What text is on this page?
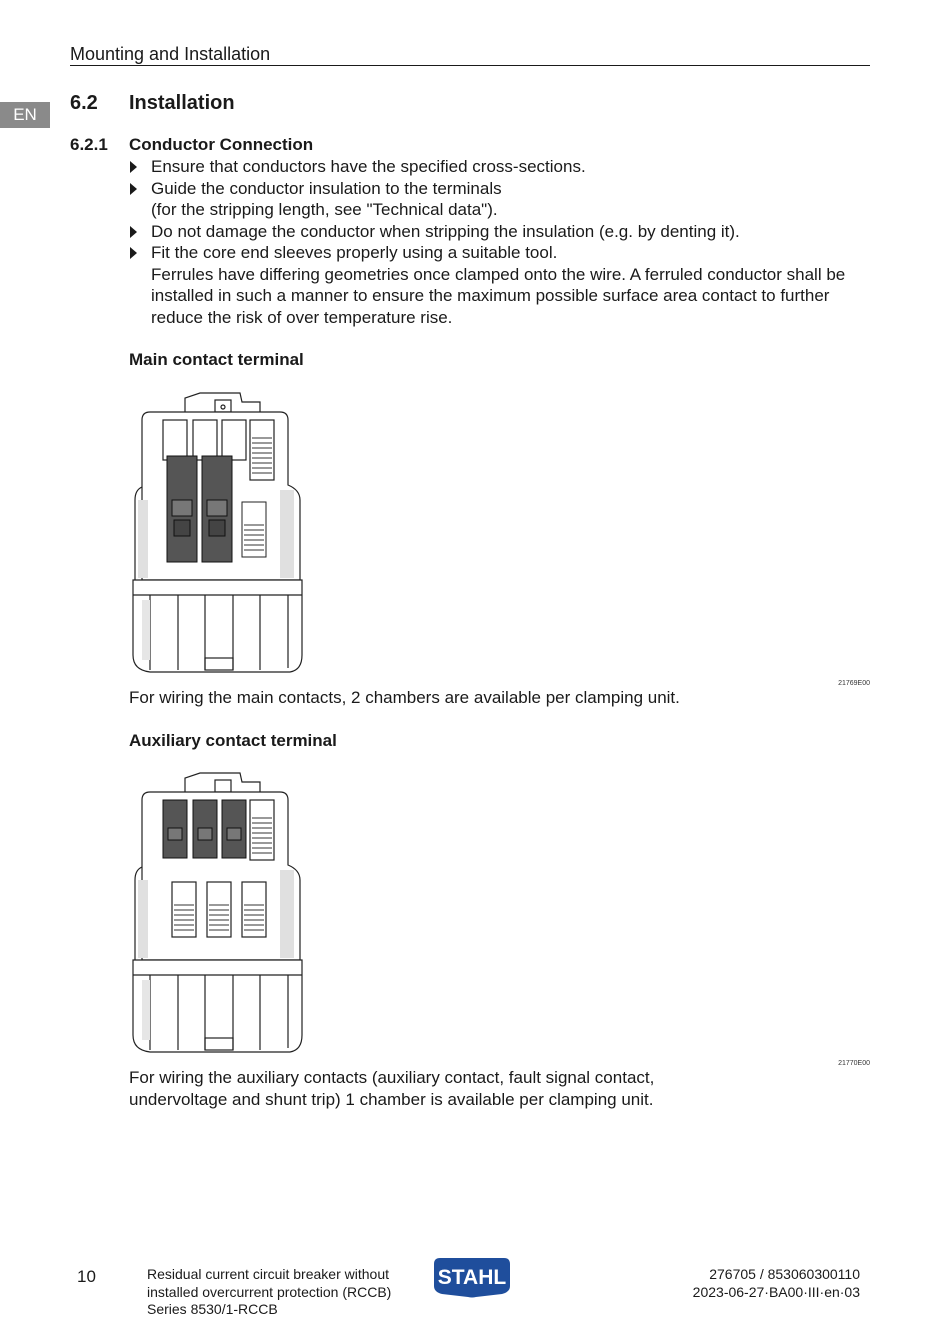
Mounting and Installation
EN
6.2 Installation
6.2.1 Conductor Connection
Ensure that conductors have the specified cross-sections.
Guide the conductor insulation to the terminals
(for the stripping length, see "Technical data").
Do not damage the conductor when stripping the insulation (e.g. by denting it).
Fit the core end sleeves properly using a suitable tool.
Ferrules have differing geometries once clamped onto the wire. A ferruled conductor shall be installed in such a manner to ensure the maximum possible surface area contact to further reduce the risk of over temperature rise.
Main contact terminal
21769E00
For wiring the main contacts, 2 chambers are available per clamping unit.
Auxiliary contact terminal
21770E00
For wiring the auxiliary contacts (auxiliary contact, fault signal contact,
undervoltage and shunt trip) 1 chamber is available per clamping unit.
10	Residual current circuit breaker without
installed overcurrent protection (RCCB)
Series 8530/1-RCCB
STAHL	276705 / 853060300110
2023-06-27·BA00·III·en·03
